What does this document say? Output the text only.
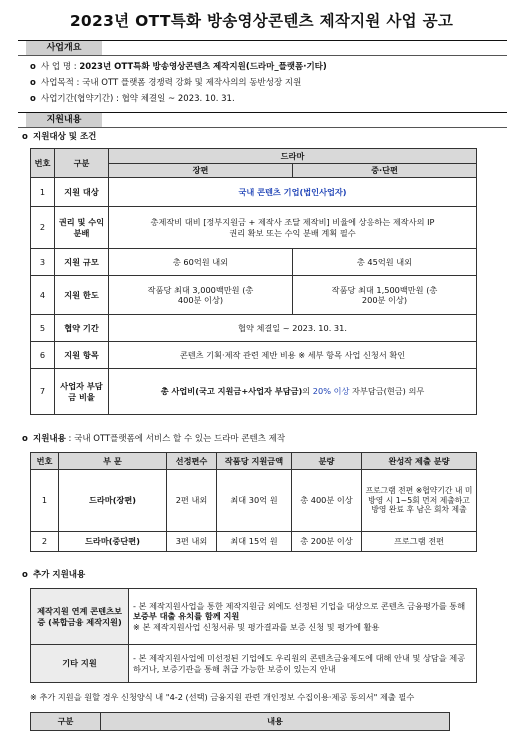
2023년 OTT특화 방송영상콘텐츠 제작지원 사업 공고
사업개요
o 사 업 명 : 2023년 OTT특화 방송영상콘텐츠 제작지원(드라마_플랫폼·기타)
o 사업목적 : 국내 OTT 플랫폼 경쟁력 강화 및 제작사의의 동반성장 지원
o 사업기간(협약기간) : 협약 체결일 ~ 2023. 10. 31.
지원내용
o 지원대상 및 조건
번호	구분	드라마	
		장편	중·단편
1	지원 대상	국내 콘텐츠 기업(법인사업자)	
2	권리 및 수익 분배	총제작비 대비 [정부지원금 + 제작사 조달 제작비] 비율에 상응하는 제작사의 IP 권리 확보 또는 수익 분배 계획 필수	
3	지원 규모	총 60억원 내외	총 45억원 내외
4	지원 한도	작품당 최대 3,000백만원 (총 400분 이상)	작품당 최대 1,500백만원 (총 200분 이상)
5	협약 기간	협약 체결일 ~ 2023. 10. 31.	
6	지원 항목	콘텐츠 기획·제작 관련 제반 비용 ※ 세부 항목 사업 신청서 확인	
7	사업자 부담금 비율	총 사업비(국고 지원금+사업자 부담금)의 20% 이상 자부담금(현금) 의무	
o 지원내용 : 국내 OTT플랫폼에 서비스 할 수 있는 드라마 콘텐츠 제작
번호	부 문	선정편수	작품당 지원금액	분량	완성작 제출 분량
1	드라마(장편)	2편 내외	최대 30억 원	총 400분 이상	프로그램 전편 ※협약기간 내 미방영 시 1~5회 먼저 제출하고 방영 완료 후 남은 회차 제출
2	드라마(중단편)	3편 내외	최대 15억 원	총 200분 이상	프로그램 전편
o 추가 지원내용
제작지원 연계 콘텐츠보증 (복합금융 제작지원)	- 본 제작지원사업을 통한 제작지원금 외에도 선정된 기업을 대상으로 콘텐츠 금융평가를 통해 보증부 대출 유치를 함께 지원
※ 본 제작지원사업 신청서류 및 평가결과를 보증 신청 및 평가에 활용
기타 지원	- 본 제작지원사업에 미선정된 기업에도 우리원의 콘텐츠금융제도에 대해 안내 및 상담을 제공하거나, 보증기관을 통해 취급 가능한 보증이 있는지 안내
※ 추가 지원을 원할 경우 신청양식 내 "4-2 (선택) 금융지원 관련 개인정보 수집이용·제공 동의서" 제출 필수
구분	내용
